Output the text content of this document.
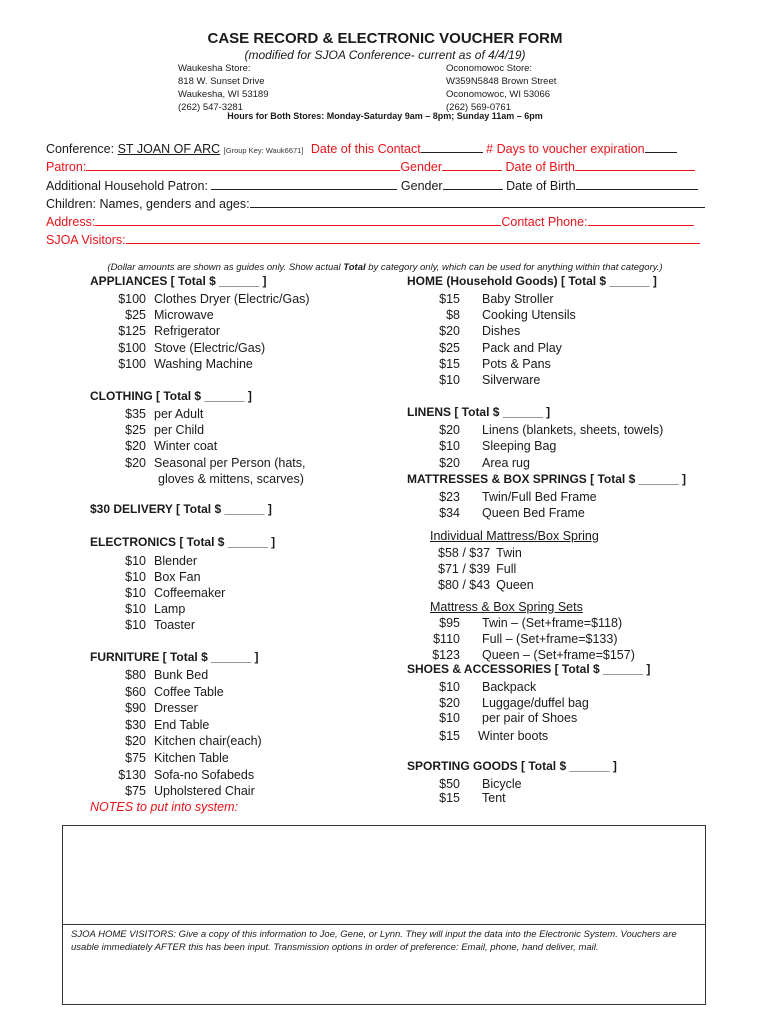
CASE RECORD & ELECTRONIC VOUCHER FORM
(modified for SJOA Conference- current as of 4/4/19)
Waukesha Store:
818 W. Sunset Drive
Waukesha, WI 53189
(262) 547-3281
Oconomowoc Store:
W359N5848 Brown Street
Oconomowoc, WI 53066
(262) 569-0761
Hours for Both Stores: Monday-Saturday 9am – 8pm; Sunday 11am – 6pm
Conference: ST JOAN OF ARC [Group Key: Wauk6671] Date of this Contact	# Days to voucher expiration
Patron:	Gender	Date of Birth
Additional Household Patron:	Gender	Date of Birth
Children: Names, genders and ages:
Address:	Contact Phone:
SJOA Visitors:
(Dollar amounts are shown as guides only. Show actual Total by category only, which can be used for anything within that category.)
APPLIANCES [ Total $ ______ ]
$100 Clothes Dryer (Electric/Gas)
$25 Microwave
$125 Refrigerator
$100 Stove (Electric/Gas)
$100 Washing Machine
CLOTHING [ Total $ ______ ]
$35 per Adult
$25 per Child
$20 Winter coat
$20 Seasonal per Person (hats,
gloves & mittens, scarves)
$30 DELIVERY [ Total $ ______ ]
ELECTRONICS [ Total $ ______ ]
$10 Blender
$10 Box Fan
$10 Coffeemaker
$10 Lamp
$10 Toaster
FURNITURE [ Total $ ______ ]
$80 Bunk Bed
$60 Coffee Table
$90 Dresser
$30 End Table
$20 Kitchen chair(each)
$75 Kitchen Table
$130 Sofa-no Sofabeds
$75 Upholstered Chair
NOTES to put into system:
HOME (Household Goods) [ Total $ ______ ]
$15 Baby Stroller
$8 Cooking Utensils
$20 Dishes
$25 Pack and Play
$15 Pots & Pans
$10 Silverware
LINENS [ Total $ ______ ]
$20 Linens (blankets, sheets, towels)
$10 Sleeping Bag
$20 Area rug
MATTRESSES & BOX SPRINGS [ Total $ ______ ]
$23 Twin/Full Bed Frame
$34 Queen Bed Frame
Individual Mattress/Box Spring
$58 / $37 Twin
$71 / $39 Full
$80 / $43 Queen
Mattress & Box Spring Sets
$95 Twin – (Set+frame=$118)
$110 Full – (Set+frame=$133)
$123 Queen – (Set+frame=$157)
SHOES & ACCESSORIES [ Total $ ______ ]
$10 Backpack
$20 Luggage/duffel bag
$10 per pair of Shoes
$15 Winter boots
SPORTING GOODS [ Total $ ______ ]
$50 Bicycle
$15 Tent
SJOA HOME VISITORS: Give a copy of this information to Joe, Gene, or Lynn. They will input the data into the Electronic System. Vouchers are usable immediately AFTER this has been input. Transmission options in order of preference: Email, phone, hand deliver, mail.
